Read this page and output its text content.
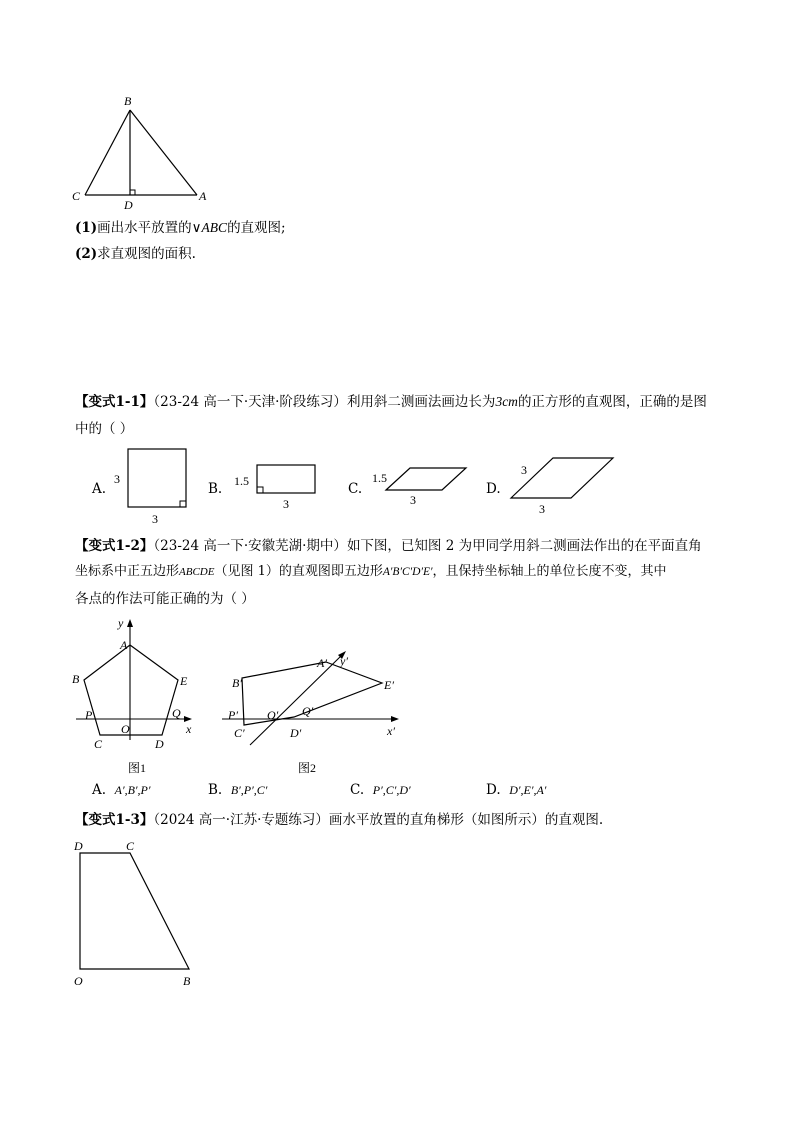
B
C
D
A
(1)画出水平放置的∨ABC的直观图;
(2)求直观图的面积.
【变式1-1】（23-24 高一下·天津·阶段练习）利用斜二测画法画边长为3cm的正方形的直观图，正确的是图
中的（ ）
A.
3
3
B. 1.5
3
C.
1.5
3
D.
3
3
【变式1-2】（23-24 高一下·安徽芜湖·期中）如下图，已知图 2 为甲同学用斜二测画法作出的在平面直角
坐标系中正五边形ABCDE（见图 1）的直观图即五边形A′B′C′D′E′，且保持坐标轴上的单位长度不变，其中
各点的作法可能正确的为（ ）
y
A
B	E
P
O
Q
x
C	D
图1
A′ y′
B′	E′
P′ O′ Q′
C′	D′	x′
图2
A. A′,B′,P′	B. B′,P′,C′	C. P′,C′,D′	D. D′,E′,A′
【变式1-3】（2024 高一·江苏·专题练习）画水平放置的直角梯形（如图所示）的直观图.
D	C
O	B
